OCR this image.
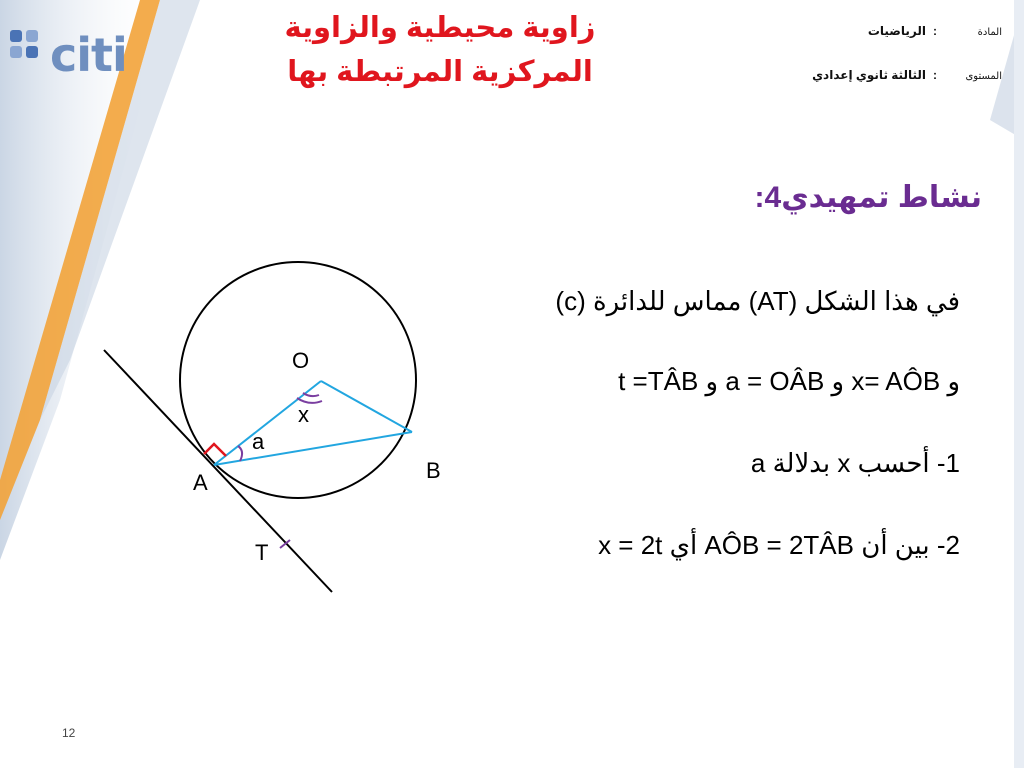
citi	زاوية محيطية والزاوية
المركزية المرتبطة بها
المادة:الرياضيات
المستوى:الثالثة ثانوي إعدادي
نشاط تمهيدي4:
في هذا الشكل (AT) مماس للدائرة (c)
و x= AÔB و a = OÂB و t =TÂB
1- أحسب x بدلالة a
2- بين أن AÔB = 2TÂB أي x = 2t
O
x
a
A	B
T
12
